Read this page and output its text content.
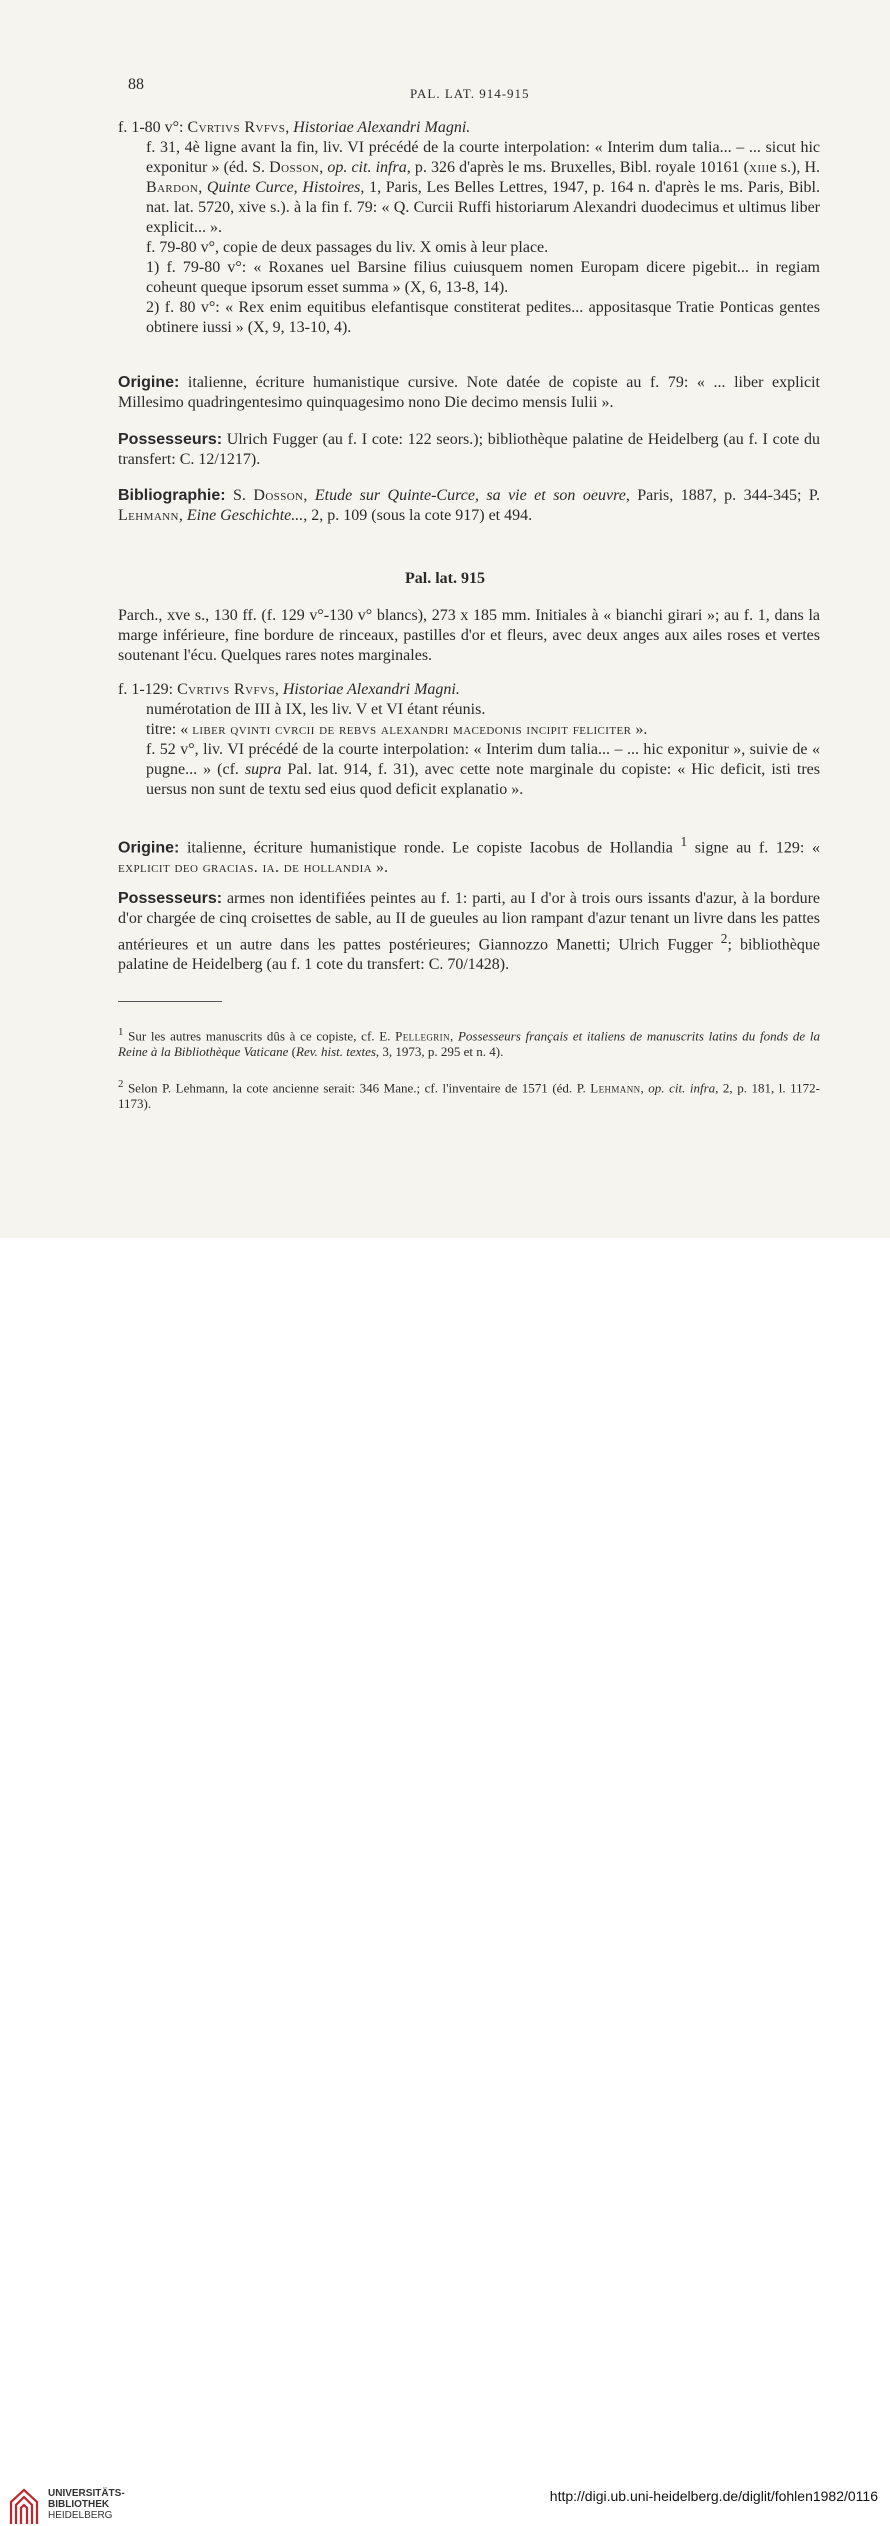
88
PAL. LAT. 914-915

f. 1-80 v°: Cvrtivs Rvfvs, Historiae Alexandri Magni.

f. 31, 4è ligne avant la fin, liv. VI précédé de la courte interpolation: « Interim dum talia... – ... sicut hic exponitur » (éd. S. Dosson, op. cit. infra, p. 326 d'après le ms. Bruxelles, Bibl. royale 10161 (xiiie s.), H. Bardon, Quinte Curce, Histoires, 1, Paris, Les Belles Lettres, 1947, p. 164 n. d'après le ms. Paris, Bibl. nat. lat. 5720, xive s.). à la fin f. 79: « Q. Curcii Ruffi historiarum Alexandri duodecimus et ultimus liber explicit... ».

f. 79-80 v°, copie de deux passages du liv. X omis à leur place.

1) f. 79-80 v°: « Roxanes uel Barsine filius cuiusquem nomen Europam dicere pigebit... in regiam coheunt queque ipsorum esset summa » (X, 6, 13-8, 14).

2) f. 80 v°: « Rex enim equitibus elefantisque constiterat pedites... appositasque Tratie Ponticas gentes obtinere iussi » (X, 9, 13-10, 4).

Origine: italienne, écriture humanistique cursive. Note datée de copiste au f. 79: « ... liber explicit Millesimo quadringentesimo quinquagesimo nono Die decimo mensis Iulii ».

Possesseurs: Ulrich Fugger (au f. I cote: 122 seors.); bibliothèque palatine de Heidelberg (au f. I cote du transfert: C. 12/1217).

Bibliographie: S. Dosson, Etude sur Quinte-Curce, sa vie et son oeuvre, Paris, 1887, p. 344-345; P. Lehmann, Eine Geschichte..., 2, p. 109 (sous la cote 917) et 494.

Pal. lat. 915
Parch., xve s., 130 ff. (f. 129 v°-130 v° blancs), 273 x 185 mm. Initiales à « bianchi girari »; au f. 1, dans la marge inférieure, fine bordure de rinceaux, pastilles d'or et fleurs, avec deux anges aux ailes roses et vertes soutenant l'écu. Quelques rares notes marginales.

f. 1-129: Cvrtivs Rvfvs, Historiae Alexandri Magni.

numérotation de III à IX, les liv. V et VI étant réunis.

titre: « liber qvinti cvrcii de rebvs alexandri macedonis incipit feliciter ».

f. 52 v°, liv. VI précédé de la courte interpolation: « Interim dum talia... – ... hic exponitur », suivie de « pugne... » (cf. supra Pal. lat. 914, f. 31), avec cette note marginale du copiste: « Hic deficit, isti tres uersus non sunt de textu sed eius quod deficit explanatio ».

Origine: italienne, écriture humanistique ronde. Le copiste Iacobus de Hollandia $^1$ signe au f. 129: « explicit deo gracias. ia. de hollandia ».

Possesseurs: armes non identifiées peintes au f. 1: parti, au I d'or à trois ours issants d'azur, à la bordure d'or chargée de cinq croisettes de sable, au II de gueules au lion rampant d'azur tenant un livre dans les pattes antérieures et un autre dans les pattes postérieures; Giannozzo Manetti; Ulrich Fugger $^2$; bibliothèque palatine de Heidelberg (au f. 1 cote du transfert: C. 70/1428).

$^1$ Sur les autres manuscrits dûs à ce copiste, cf. E. Pellegrin, Possesseurs français et italiens de manuscrits latins du fonds de la Reine à la Bibliothèque Vaticane (Rev. hist. textes, 3, 1973, p. 295 et n. 4).
$^2$ Selon P. Lehmann, la cote ancienne serait: 346 Mane.; cf. l'inventaire de 1571 (éd. P. Lehmann, op. cit. infra, 2, p. 181, l. 1172-1173).
UNIVERSITÄTS-
BIBLIOTHEK
HEIDELBERG
http://digi.ub.uni-heidelberg.de/diglit/fohlen1982/0116
